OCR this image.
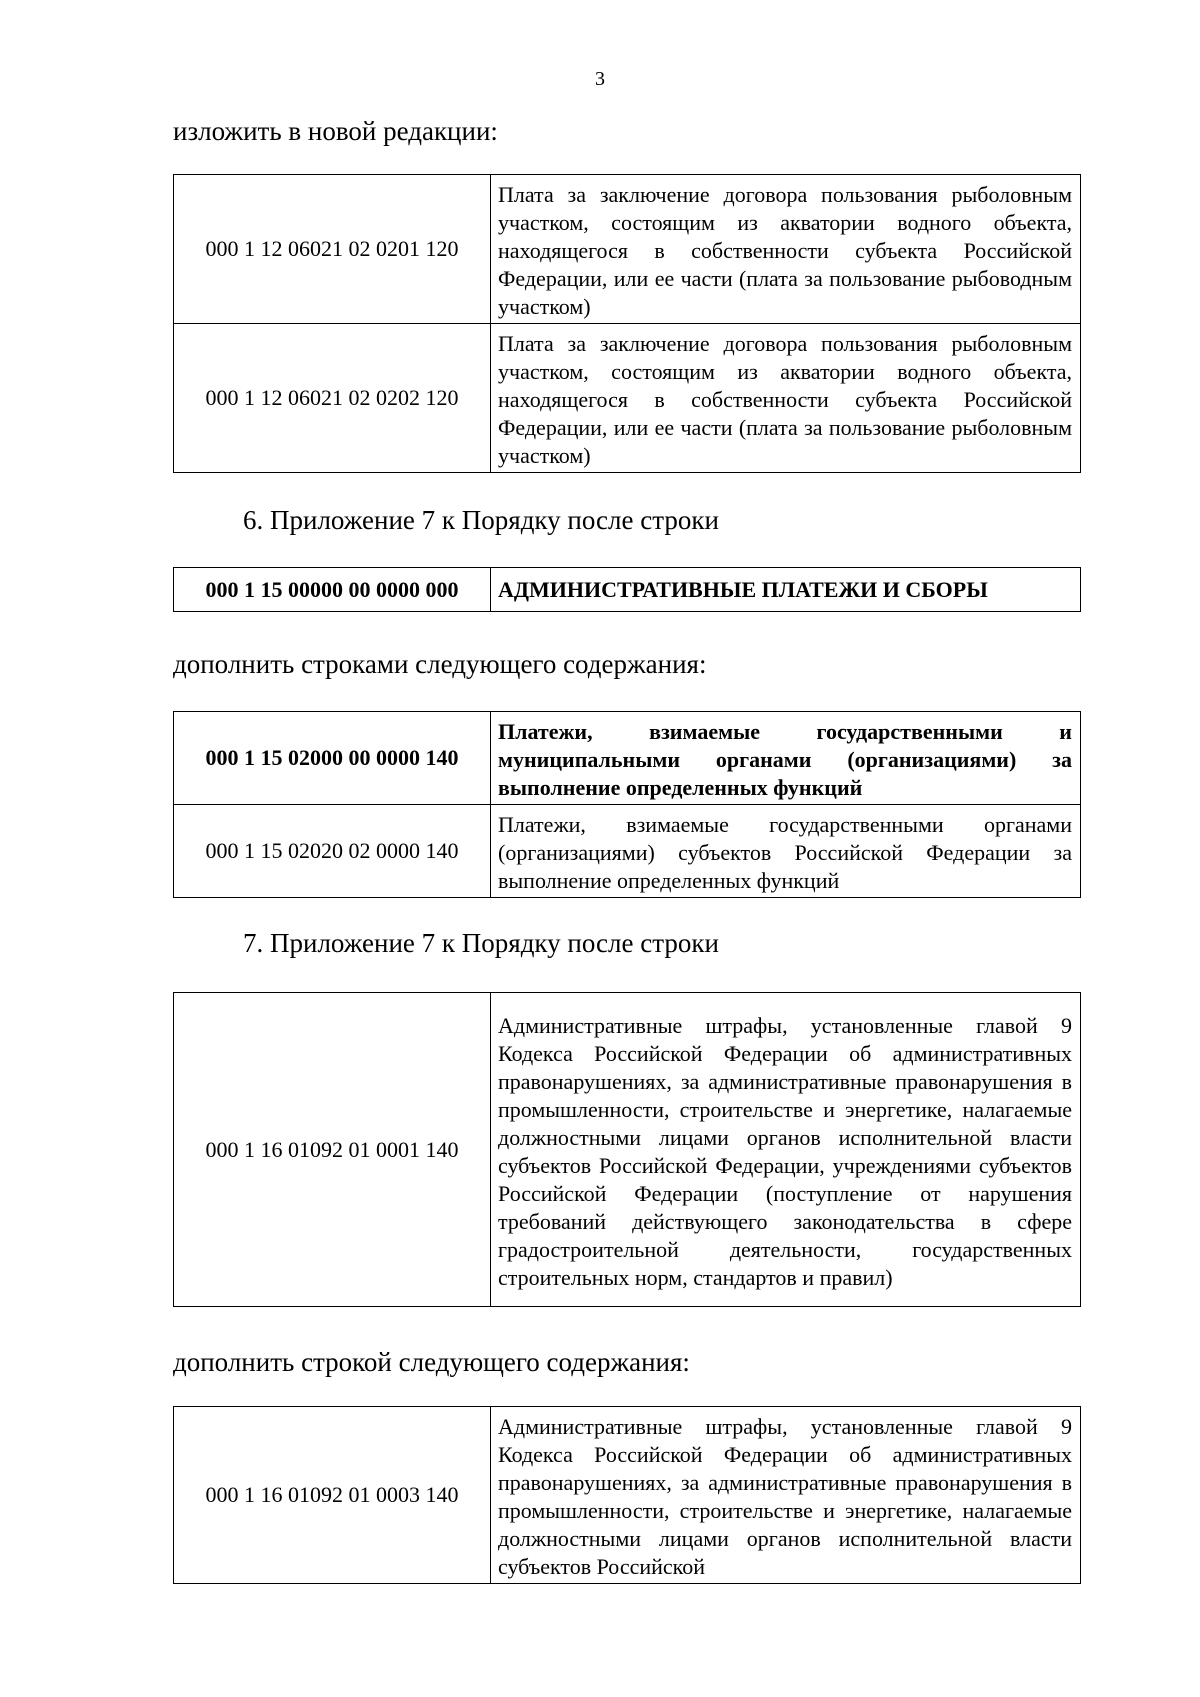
3
изложить в новой редакции:
000 1 12 06021 02 0201 120	Плата за заключение договора пользования рыболовным участком, состоящим из акватории водного объекта, находящегося в собственности субъекта Российской Федерации, или ее части (плата за пользование рыбоводным участком)
000 1 12 06021 02 0202 120	Плата за заключение договора пользования рыболовным участком, состоящим из акватории водного объекта, находящегося в собственности субъекта Российской Федерации, или ее части (плата за пользование рыболовным участком)
6. Приложение 7 к Порядку после строки
000 1 15 00000 00 0000 000	АДМИНИСТРАТИВНЫЕ ПЛАТЕЖИ И СБОРЫ
дополнить строками следующего содержания:
000 1 15 02000 00 0000 140	Платежи, взимаемые государственными и муниципальными органами (организациями) за выполнение определенных функций
000 1 15 02020 02 0000 140	Платежи, взимаемые государственными органами (организациями) субъектов Российской Федерации за выполнение определенных функций
7. Приложение 7 к Порядку после строки
000 1 16 01092 01 0001 140	Административные штрафы, установленные главой 9 Кодекса Российской Федерации об административных правонарушениях, за административные правонарушения в промышленности, строительстве и энергетике, налагаемые должностными лицами органов исполнительной власти субъектов Российской Федерации, учреждениями субъектов Российской Федерации (поступление от нарушения требований действующего законодательства в сфере градостроительной деятельности, государственных строительных норм, стандартов и правил)
дополнить строкой следующего содержания:
000 1 16 01092 01 0003 140	Административные штрафы, установленные главой 9 Кодекса Российской Федерации об административных правонарушениях, за административные правонарушения в промышленности, строительстве и энергетике, налагаемые должностными лицами органов исполнительной власти субъектов Российской
